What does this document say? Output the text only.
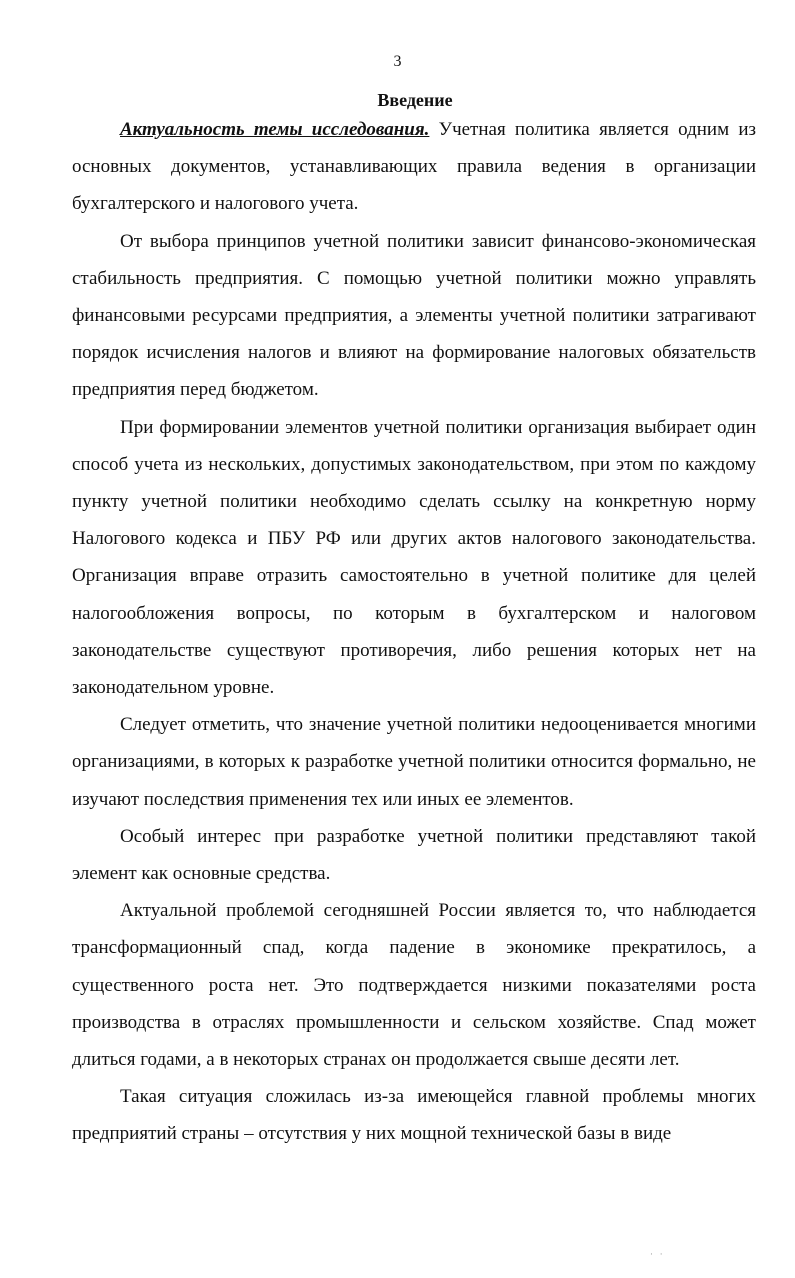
3
Введение

Актуальность темы исследования. Учетная политика является одним из основных документов, устанавливающих правила ведения в организации бухгалтерского и налогового учета.

От выбора принципов учетной политики зависит финансово-экономическая стабильность предприятия. С помощью учетной политики можно управлять финансовыми ресурсами предприятия, а элементы учетной политики затрагивают порядок исчисления налогов и влияют на формирование налоговых обязательств предприятия перед бюджетом.

При формировании элементов учетной политики организация выбирает один способ учета из нескольких, допустимых законодательством, при этом по каждому пункту учетной политики необходимо сделать ссылку на конкретную норму Налогового кодекса и ПБУ РФ или других актов налогового законодательства. Организация вправе отразить самостоятельно в учетной политике для целей налогообложения вопросы, по которым в бухгалтерском и налоговом законодательстве существуют противоречия, либо решения которых нет на законодательном уровне.

Следует отметить, что значение учетной политики недооценивается многими организациями, в которых к разработке учетной политики относится формально, не изучают последствия применения тех или иных ее элементов.

Особый интерес при разработке учетной политики представляют такой элемент как основные средства.

Актуальной проблемой сегодняшней России является то, что наблюдается трансформационный спад, когда падение в экономике прекратилось, а существенного роста нет. Это подтверждается низкими показателями роста производства в отраслях промышленности и сельском хозяйстве. Спад может длиться годами, а в некоторых странах он продолжается свыше десяти лет.

Такая ситуация сложилась из-за имеющейся главной проблемы многих предприятий страны – отсутствия у них мощной технической базы в виде

· ·
